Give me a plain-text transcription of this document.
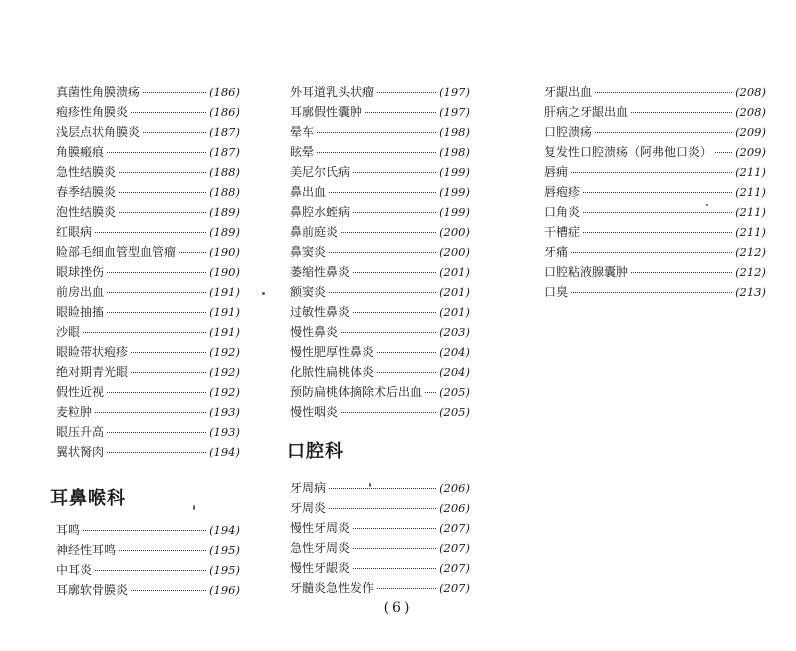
真菌性角膜溃疡	(186)
疱疹性角膜炎	(186)
浅层点状角膜炎	(187)
角膜瘢痕	(187)
急性结膜炎	(188)
春季结膜炎	(188)
泡性结膜炎	(189)
红眼病	(189)
睑部毛细血管型血管瘤	(190)
眼球挫伤	(190)
前房出血	(191)
眼睑抽搐	(191)
沙眼	(191)
眼睑带状疱疹	(192)
绝对期青光眼	(192)
假性近视	(192)
麦粒肿	(193)
眼压升高	(193)
翼状胬肉	(194)
耳鼻喉科
耳鸣	(194)
神经性耳鸣	(195)
中耳炎	(195)
耳廓软骨膜炎	(196)
外耳道乳头状瘤	(197)
耳廓假性囊肿	(197)
晕车	(198)
眩晕	(198)
美尼尔氏病	(199)
鼻出血	(199)
鼻腔水蛭病	(199)
鼻前庭炎	(200)
鼻窦炎	(200)
萎缩性鼻炎	(201)
额窦炎	(201)
过敏性鼻炎	(201)
慢性鼻炎	(203)
慢性肥厚性鼻炎	(204)
化脓性扁桃体炎	(204)
预防扁桃体摘除术后出血 (205)
慢性咽炎	(205)
口腔科
牙周病	(206)
牙周炎	(206)
慢性牙周炎	(207)
急性牙周炎	(207)
慢性牙龈炎	(207)
牙髓炎急性发作	(207)
牙龈出血	(208)
肝病之牙龈出血	(208)
口腔溃疡	(209)
复发性口腔溃疡（阿弗他口炎） (209)
唇痈	(211)
唇疱疹	(211)
口角炎	(211)
干槽症	(211)
牙痛	(212)
口腔粘液腺囊肿	(212)
口臭	(213)
(6)
